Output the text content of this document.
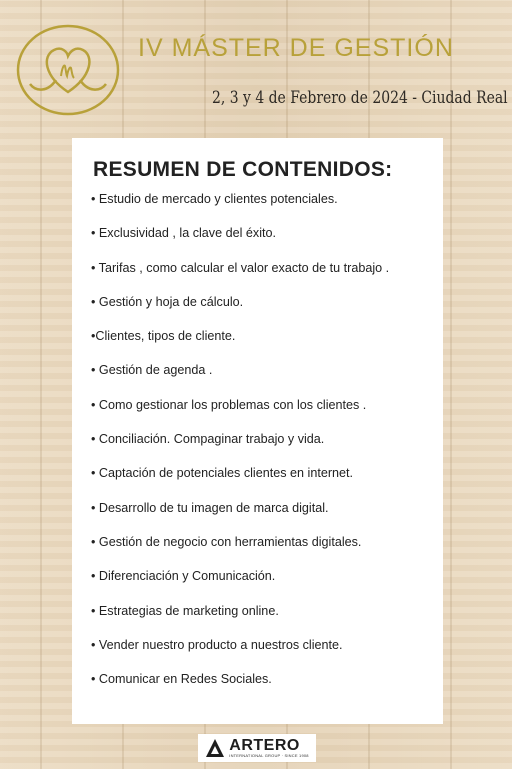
IV MÁSTER DE GESTIÓN
2, 3 y 4 de Febrero de 2024 - Ciudad Real
RESUMEN DE CONTENIDOS:
• Estudio de mercado y clientes potenciales.
• Exclusividad , la clave del éxito.
• Tarifas , como calcular el valor exacto de tu trabajo .
• Gestión y hoja de cálculo.
•Clientes, tipos de cliente.
• Gestión de agenda .
• Como gestionar los problemas con los clientes .
• Conciliación. Compaginar trabajo y vida.
• Captación de potenciales clientes en internet.
• Desarrollo de tu imagen de marca digital.
• Gestión de negocio con herramientas digitales.
• Diferenciación y Comunicación.
• Estrategias de marketing online.
• Vender nuestro producto a nuestros cliente.
• Comunicar en Redes Sociales.
ARTERO
INTERNATIONAL GROUP · SINCE 1908
